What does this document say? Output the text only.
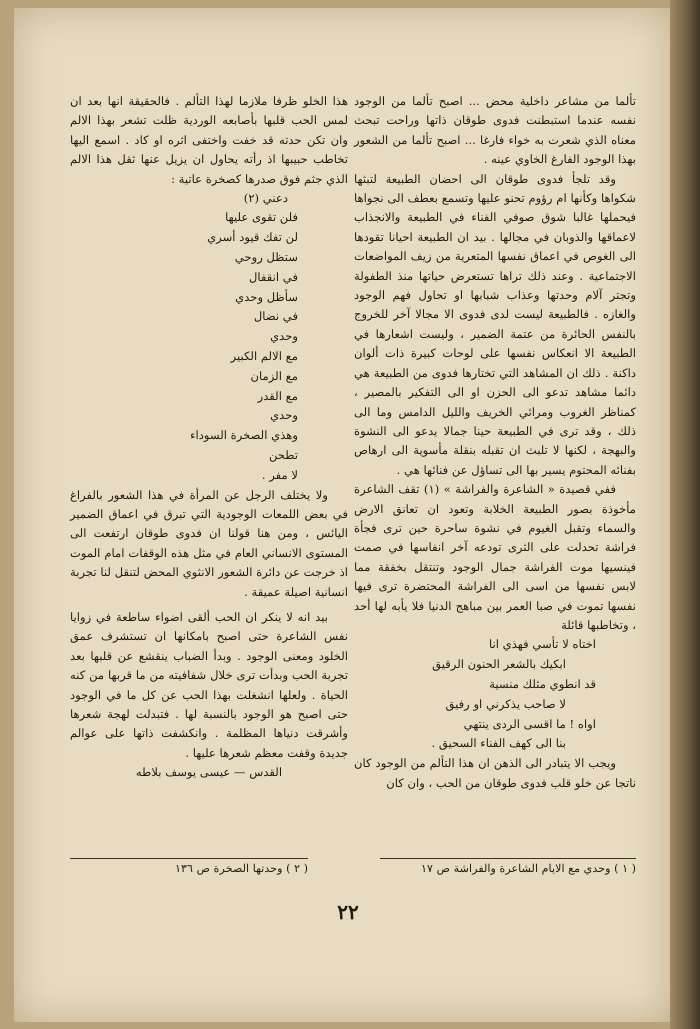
تألما من مشاعر داخلية محض ... اصبح تألما من الوجود نفسه عندما استبطنت فدوى طوقان ذاتها وراحت تبحث معناه الذي شعرت به خواء فارغا ... اصبح تألما من الشعور بهذا الوجود الفارغ الخاوي عينه .

وقد تلجأ فدوى طوقان الى احضان الطبيعة لتبثها شكواها وكأنها ام رؤوم تحنو عليها وتسمع بعطف الى نجواها فيحملها غالبا شوق صوفي الفناء في الطبيعة والانجذاب لاعماقها والذوبان في مجالها . بيد ان الطبيعة احيانا تقودها الى الغوص في اعماق نفسها المتعرية من زيف المواضعات الاجتماعية . وعند ذلك تراها تستعرض حياتها منذ الطفولة وتجتر آلام وحدتها وعذاب شبابها او تحاول فهم الوجود والغازه . فالطبيعة ليست لدى فدوى الا مجالا آخر للخروج بالنفس الحائرة من عتمة الضمير ، وليست اشعارها في الطبيعة الا انعكاس نفسها على لوحات كبيرة ذات ألوان داكنة . ذلك ان المشاهد التي تختارها فدوى من الطبيعة هي دائما مشاهد تدعو الى الحزن او الى التفكير بالمصير ، كمناظر الغروب ومرائي الخريف والليل الدامس وما الى ذلك ، وقد ترى في الطبيعة حينا جمالا يدعو الى النشوة والبهجة ، لكنها لا تلبث ان تقبله بنقلة مأسوية الى ارهاص بفنائه المحتوم يسير بها الى تساؤل عن فنائها هي .

ففي قصيدة « الشاعرة والفراشة » (١) تقف الشاعرة مأخوذة بصور الطبيعة الخلابة وتعود ان تعانق الارض والسماء وتقبل الغيوم في نشوة ساحرة حين ترى فجأة فراشة تحدلت على الثرى تودعه آخر انفاسها في صمت فينسيها موت الفراشة جمال الوجود وتنتقل بخفقة مما لابس نفسها من اسى الى الفراشة المحتضرة ترى فيها نفسها تموت في صبا العمر بين مباهج الدنيا فلا يأبه لها أحد ، وتخاطبها قائلة

اختاه لا تأسي فهذي انا
ابكيك بالشعر الحنون الرقيق
قد انطوي مثلك منسية
لا صاحب يذكرني او رفيق
اواه ! ما اقسى الردى ينتهي
بنا الى كهف الفناء السحيق .

ويجب الا يتبادر الى الذهن ان هذا التألم من الوجود كان ناتجا عن خلو قلب فدوى طوقان من الحب ، وان كان

هذا الخلو ظرفا ملازما لهذا التألم . فالحقيقة انها بعد ان لمس الحب قلبها بأصابعه الوردية ظلت تشعر بهذا الالم وان تكن حدته قد خفت واختفى اثره او كاد . اسمع اليها تخاطب حبيبها اذ رأته يحاول ان يزيل عنها ثقل هذا الالم الذي جثم فوق صدرها كصخرة عاتية :

دعني (٢)

فلن تقوى عليها
لن تفك قيود أسري
ستظل روحي
في انقفال
سأظل وحدي
في نضال
وحدي
مع الالم الكبير
مع الزمان
مع القدر
وحدي
وهذي الصخرة السوداء
تطحن
لا مفر .

ولا يختلف الرجل عن المرأة في هذا الشعور بالفراغ في بعض اللمعات الوجودية التي تبرق في اعماق الضمير اليائس ، ومن هنا قولنا ان فدوى طوقان ارتفعت الى المستوى الانساني العام في مثل هذه الوقفات امام الموت اذ خرجت عن دائرة الشعور الانثوي المحض لتنقل لنا تجربة انسانية اصيلة عميقة .

بيد انه لا ينكر ان الحب ألقى اضواء ساطعة في زوايا نفس الشاعرة حتى اصبح بامكانها ان تستشرف عمق الخلود ومعنى الوجود . وبدأ الضباب ينقشع عن قلبها بعد تجربة الحب وبدأت ترى خلال شفافيته من ما قربها من كنه الحياة . ولعلها انشغلت بهذا الحب عن كل ما في الوجود حتى اصبح هو الوجود بالنسبة لها . فتبدلت لهجة شعرها وأشرقت دنياها المظلمة . وانكشفت ذاتها على عوالم جديدة وقفت معظم شعرها عليها .

القدس — عيسى يوسف بلاطه

( ٢ ) وحدتها الصخرة ص ١٣٦	( ١ ) وحدي مع الايام الشاعرة والفراشة ص ١٧
٢٢
